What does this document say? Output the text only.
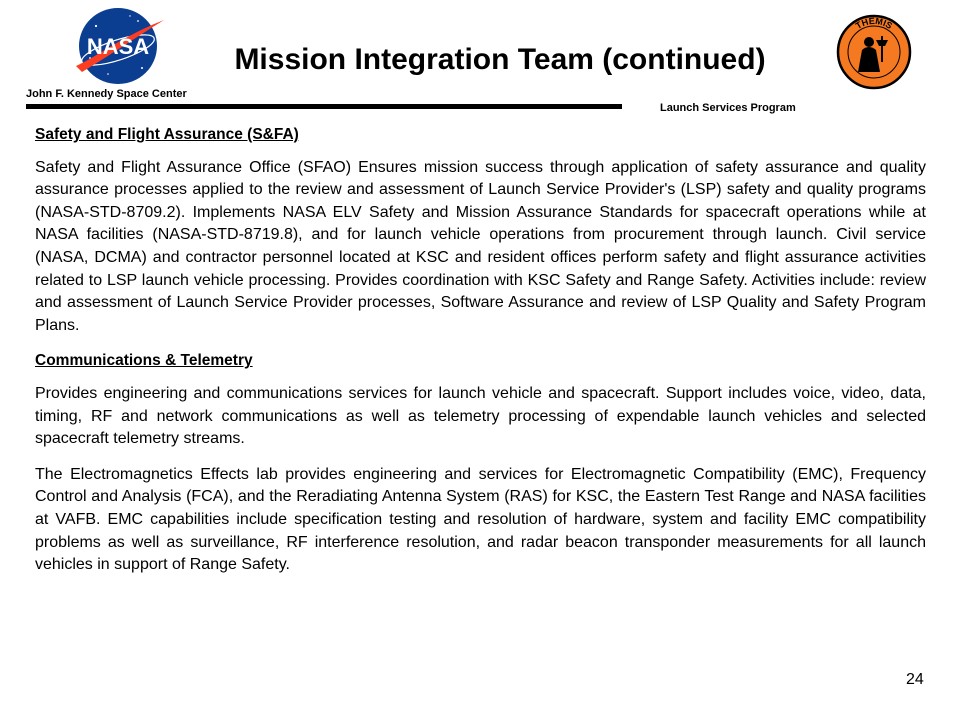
NASA
John F. Kennedy Space Center
Mission Integration Team (continued)
THEMIS
Launch Services Program

Safety and Flight Assurance (S&FA)

Safety and Flight Assurance Office (SFAO) Ensures mission success through application of safety assurance and quality assurance processes applied to the review and assessment of Launch Service Provider's (LSP) safety and quality programs (NASA-STD-8709.2). Implements NASA ELV Safety and Mission Assurance Standards for spacecraft operations while at NASA facilities (NASA-STD-8719.8), and for launch vehicle operations from procurement through launch. Civil service (NASA, DCMA) and contractor personnel located at KSC and resident offices perform safety and flight assurance activities related to LSP launch vehicle processing. Provides coordination with KSC Safety and Range Safety. Activities include: review and assessment of Launch Service Provider processes, Software Assurance and review of LSP Quality and Safety Program Plans.

Communications & Telemetry

Provides engineering and communications services for launch vehicle and spacecraft. Support includes voice, video, data, timing, RF and network communications as well as telemetry processing of expendable launch vehicles and selected spacecraft telemetry streams.

The Electromagnetics Effects lab provides engineering and services for Electromagnetic Compatibility (EMC), Frequency Control and Analysis (FCA), and the Reradiating Antenna System (RAS) for KSC, the Eastern Test Range and NASA facilities at VAFB. EMC capabilities include specification testing and resolution of hardware, system and facility EMC compatibility problems as well as surveillance, RF interference resolution, and radar beacon transponder measurements for all launch vehicles in support of Range Safety.

24
